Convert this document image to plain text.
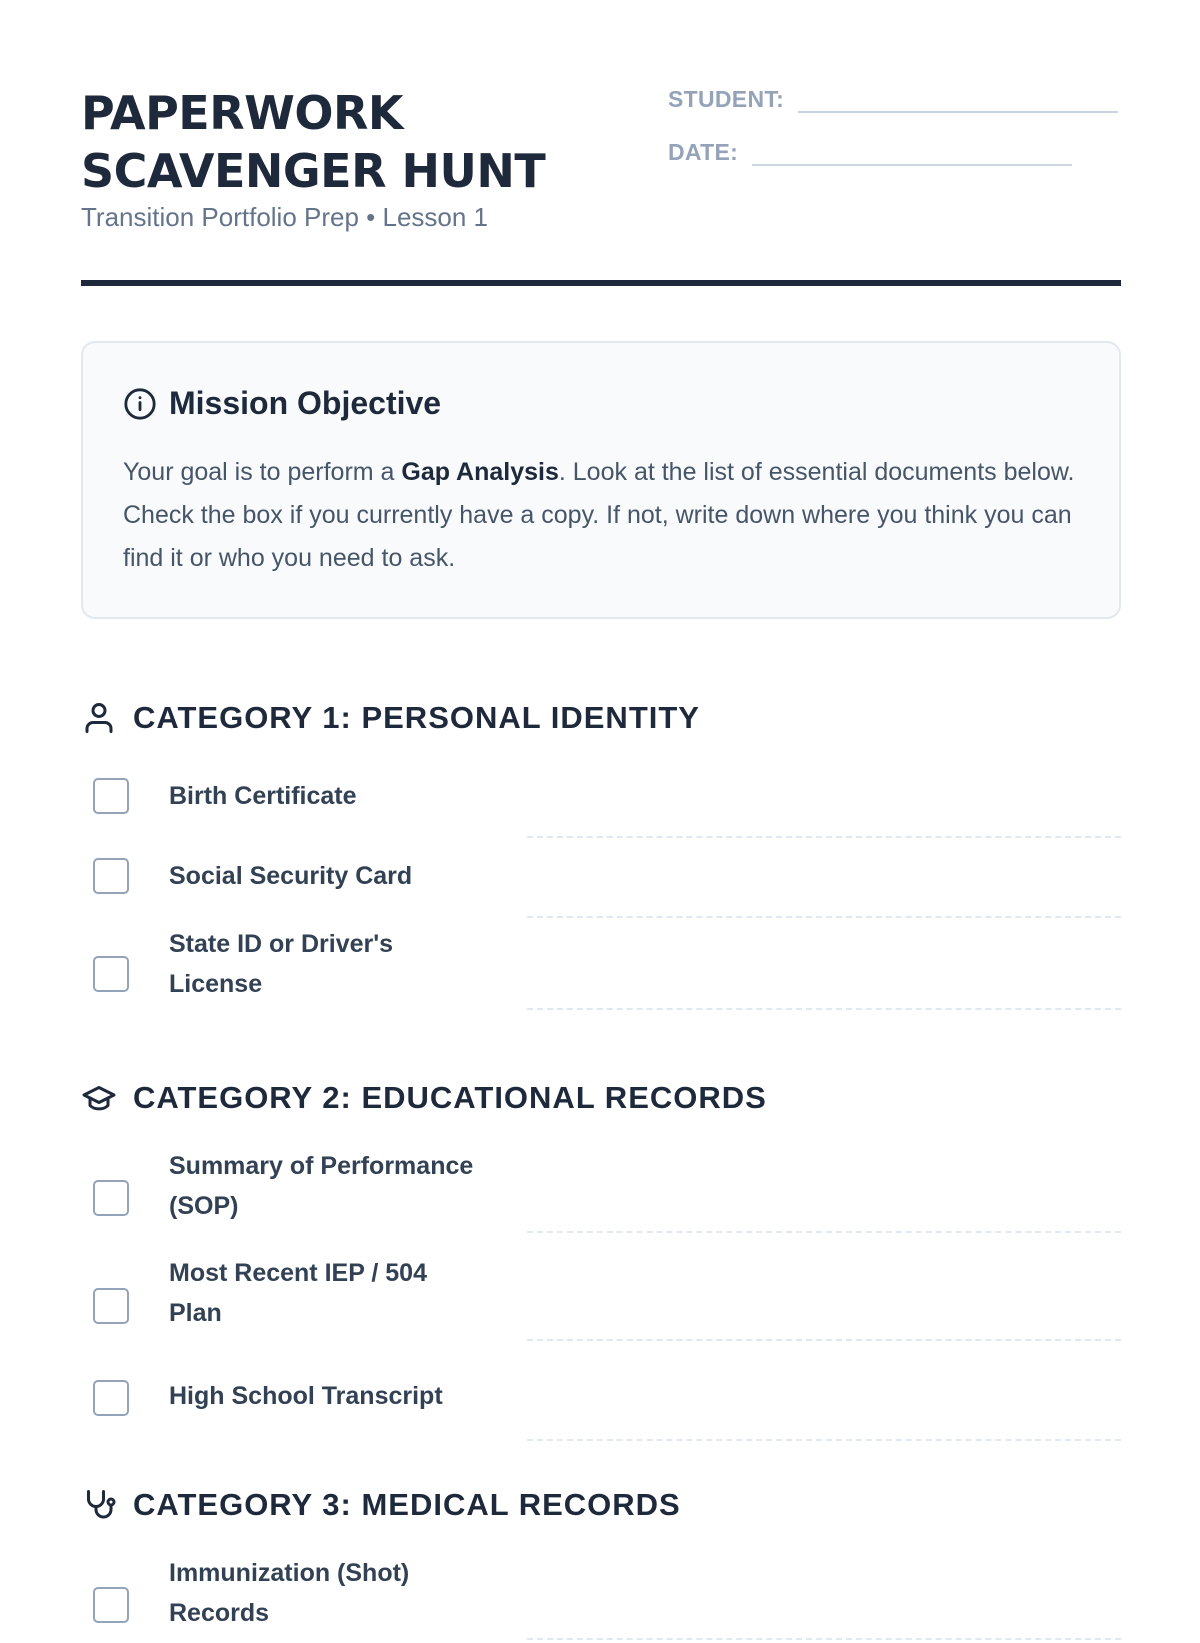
PAPERWORK
SCAVENGER HUNT
Transition Portfolio Prep • Lesson 1
STUDENT:
DATE:
Mission Objective

Your goal is to perform a Gap Analysis. Look at the list of essential documents below. Check the box if you currently have a copy. If not, write down where you think you can find it or who you need to ask.

CATEGORY 1: PERSONAL IDENTITY
Birth Certificate
Social Security Card
State ID or Driver's License
CATEGORY 2: EDUCATIONAL RECORDS
Summary of Performance (SOP)
Most Recent IEP / 504 Plan
High School Transcript
CATEGORY 3: MEDICAL RECORDS
Immunization (Shot) Records
